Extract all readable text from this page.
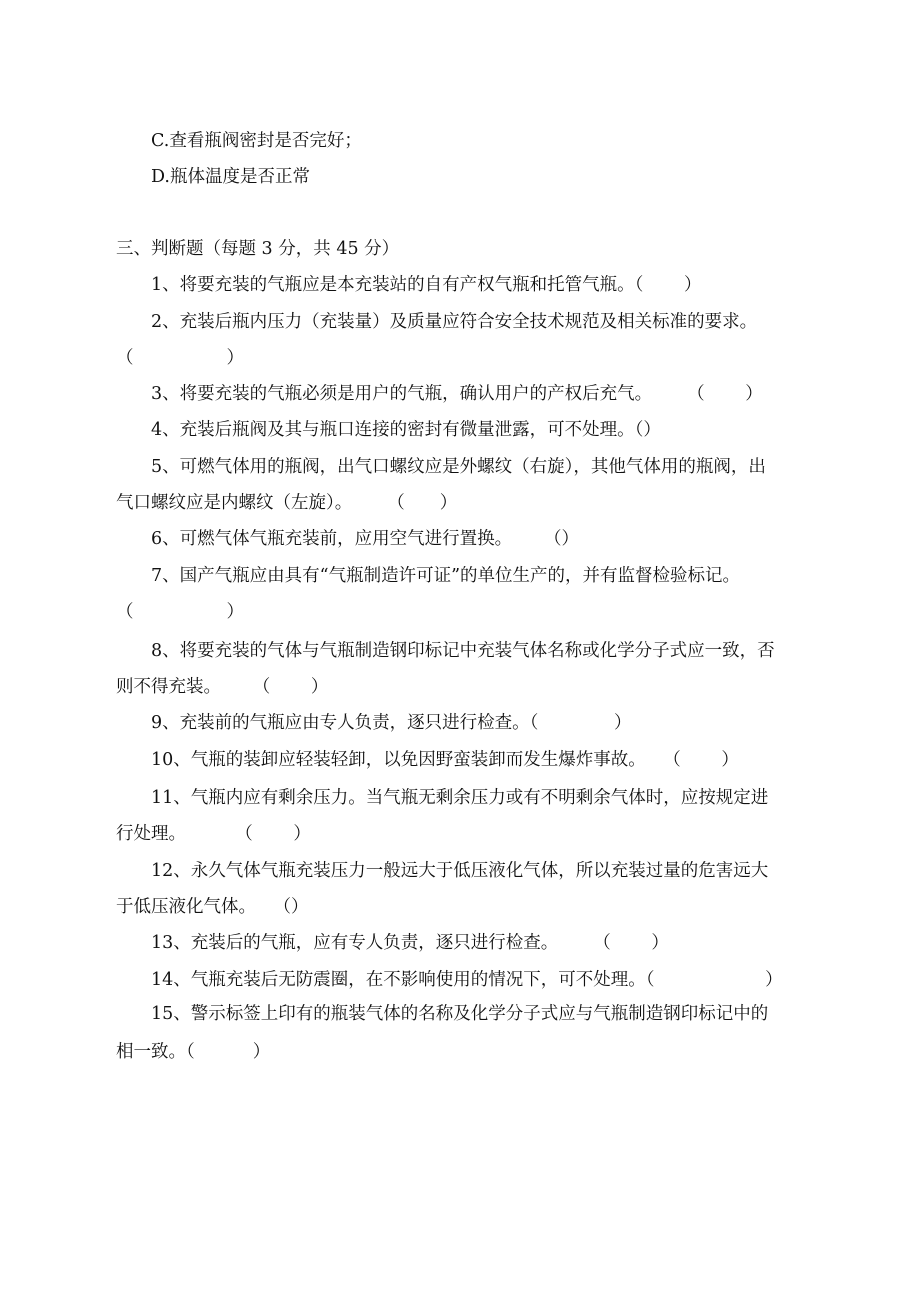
C.查看瓶阀密封是否完好；
D.瓶体温度是否正常
三、判断题（每题 3 分，共 45 分）
1、将要充装的气瓶应是本充装站的自有产权气瓶和托管气瓶。（　　 ）
2、充装后瓶内压力（充装量）及质量应符合安全技术规范及相关标准的要求。
（　　　　　 ）
3、将要充装的气瓶必须是用户的气瓶，确认用户的产权后充气。　　　（　　 ）
4、充装后瓶阀及其与瓶口连接的密封有微量泄露，可不处理。（）
5、可燃气体用的瓶阀，出气口螺纹应是外螺纹（右旋），其他气体用的瓶阀，出
气口螺纹应是内螺纹（左旋）。　　　（　　）
6、可燃气体气瓶充装前，应用空气进行置换。　　 （）
7、国产气瓶应由具有“气瓶制造许可证”的单位生产的，并有监督检验标记。
（　　　　　 ）
8、将要充装的气体与气瓶制造钢印标记中充装气体名称或化学分子式应一致，否
则不得充装。　　 （　　 ）
9、充装前的气瓶应由专人负责，逐只进行检查。（　　　　 ）
10、气瓶的装卸应轻装轻卸，以免因野蛮装卸而发生爆炸事故。　　（　　 ）
11、气瓶内应有剩余压力。当气瓶无剩余压力或有不明剩余气体时，应按规定进
行处理。　　　 （　　 ）
12、永久气体气瓶充装压力一般远大于低压液化气体，所以充装过量的危害远大
于低压液化气体。　　（）
13、充装后的气瓶，应有专人负责，逐只进行检查。　　　（　　 ）
14、气瓶充装后无防震圈，在不影响使用的情况下，可不处理。（　　　　　　 ）
15、警示标签上印有的瓶装气体的名称及化学分子式应与气瓶制造钢印标记中的
相一致。（　　　 ）
